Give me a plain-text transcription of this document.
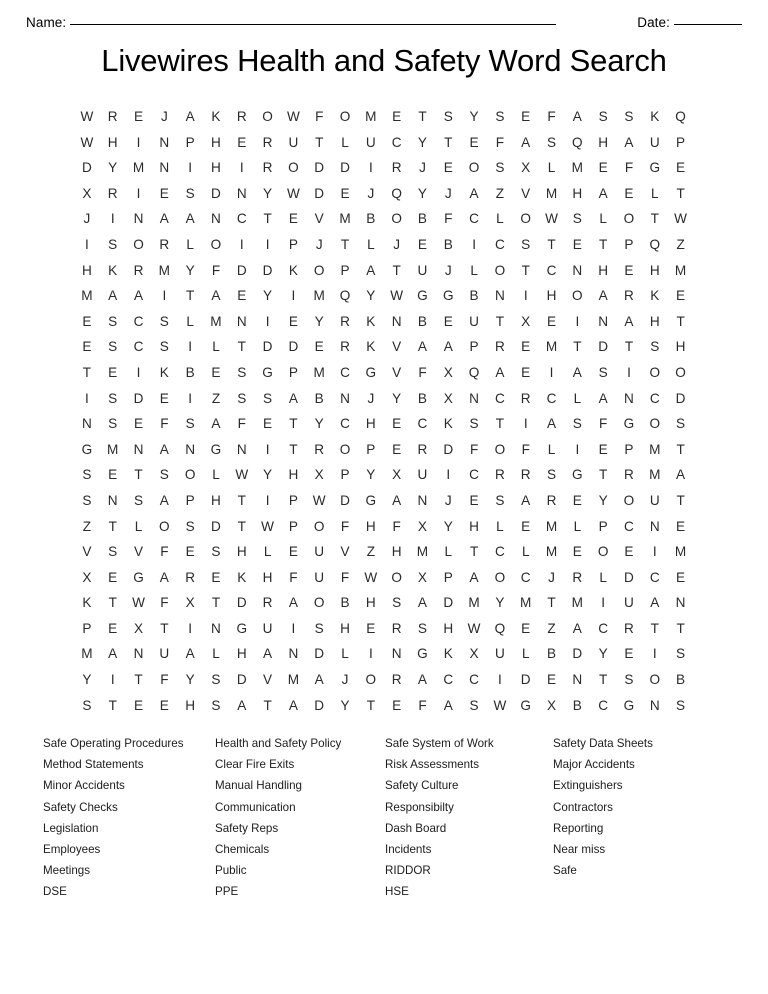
Name:	Date:
Livewires Health and Safety Word Search
W	R	E	J	A	K	R	O	W	F	O	M	E	T	S	Y	S	E	F	A	S	S	K	Q
W	H	I	N	P	H	E	R	U	T	L	U	C	Y	T	E	F	A	S	Q	H	A	U	P
D	Y	M	N	I	H	I	R	O	D	D	I	R	J	E	O	S	X	L	M	E	F	G	E
X	R	I	E	S	D	N	Y	W	D	E	J	Q	Y	J	A	Z	V	M	H	A	E	L	T
J	I	N	A	A	N	C	T	E	V	M	B	O	B	F	C	L	O	W	S	L	O	T	W
I	S	O	R	L	O	I	I	P	J	T	L	J	E	B	I	C	S	T	E	T	P	Q	Z
H	K	R	M	Y	F	D	D	K	O	P	A	T	U	J	L	O	T	C	N	H	E	H	M
M	A	A	I	T	A	E	Y	I	M	Q	Y	W	G	G	B	N	I	H	O	A	R	K	E
E	S	C	S	L	M	N	I	E	Y	R	K	N	B	E	U	T	X	E	I	N	A	H	T
E	S	C	S	I	L	T	D	D	E	R	K	V	A	A	P	R	E	M	T	D	T	S	H
T	E	I	K	B	E	S	G	P	M	C	G	V	F	X	Q	A	E	I	A	S	I	O	O
I	S	D	E	I	Z	S	S	A	B	N	J	Y	B	X	N	C	R	C	L	A	N	C	D
N	S	E	F	S	A	F	E	T	Y	C	H	E	C	K	S	T	I	A	S	F	G	O	S
G	M	N	A	N	G	N	I	T	R	O	P	E	R	D	F	O	F	L	I	E	P	M	T
S	E	T	S	O	L	W	Y	H	X	P	Y	X	U	I	C	R	R	S	G	T	R	M	A
S	N	S	A	P	H	T	I	P	W	D	G	A	N	J	E	S	A	R	E	Y	O	U	T
Z	T	L	O	S	D	T	W	P	O	F	H	F	X	Y	H	L	E	M	L	P	C	N	E
V	S	V	F	E	S	H	L	E	U	V	Z	H	M	L	T	C	L	M	E	O	E	I	M
X	E	G	A	R	E	K	H	F	U	F	W	O	X	P	A	O	C	J	R	L	D	C	E
K	T	W	F	X	T	D	R	A	O	B	H	S	A	D	M	Y	M	T	M	I	U	A	N
P	E	X	T	I	N	G	U	I	S	H	E	R	S	H	W	Q	E	Z	A	C	R	T	T
M	A	N	U	A	L	H	A	N	D	L	I	N	G	K	X	U	L	B	D	Y	E	I	S
Y	I	T	F	Y	S	D	V	M	A	J	O	R	A	C	C	I	D	E	N	T	S	O	B
S	T	E	E	H	S	A	T	A	D	Y	T	E	F	A	S	W	G	X	B	C	G	N	S
Safe Operating Procedures
Method Statements
Minor Accidents
Safety Checks
Legislation
Employees
Meetings
DSE
Health and Safety Policy
Clear Fire Exits
Manual Handling
Communication
Safety Reps
Chemicals
Public
PPE
Safe System of Work
Risk Assessments
Safety Culture
Responsibilty
Dash Board
Incidents
RIDDOR
HSE
Safety Data Sheets
Major Accidents
Extinguishers
Contractors
Reporting
Near miss
Safe
